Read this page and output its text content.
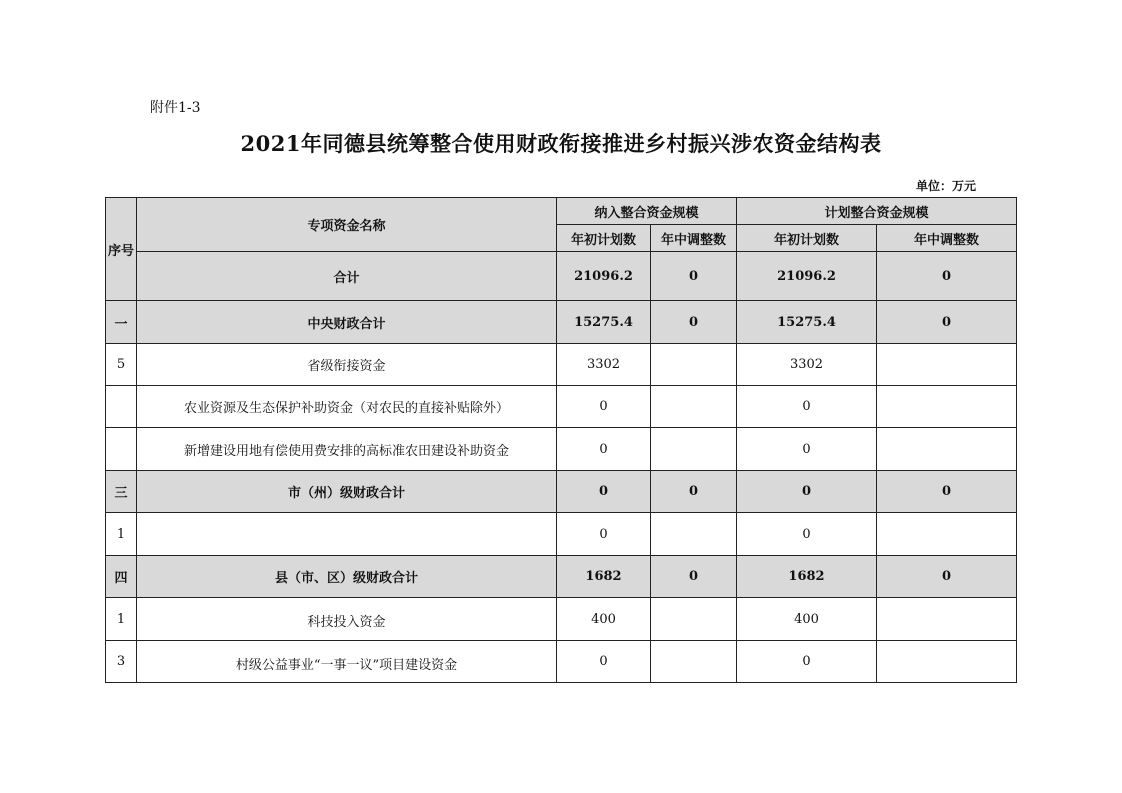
附件1-3
2021年同德县统筹整合使用财政衔接推进乡村振兴涉农资金结构表
单位：万元
序号	专项资金名称	纳入整合资金规模		计划整合资金规模	
		年初计划数	年中调整数	年初计划数	年中调整数
	合计	21096.2	0	21096.2	0
一	中央财政合计	15275.4	0	15275.4	0
5	省级衔接资金	3302		3302	
	农业资源及生态保护补助资金（对农民的直接补贴除外）	0		0	
	新增建设用地有偿使用费安排的高标准农田建设补助资金	0		0	
三	市（州）级财政合计	0	0	0	0
1		0		0	
四	县（市、区）级财政合计	1682	0	1682	0
1	科技投入资金	400		400	
3	村级公益事业“一事一议”项目建设资金	0		0	
